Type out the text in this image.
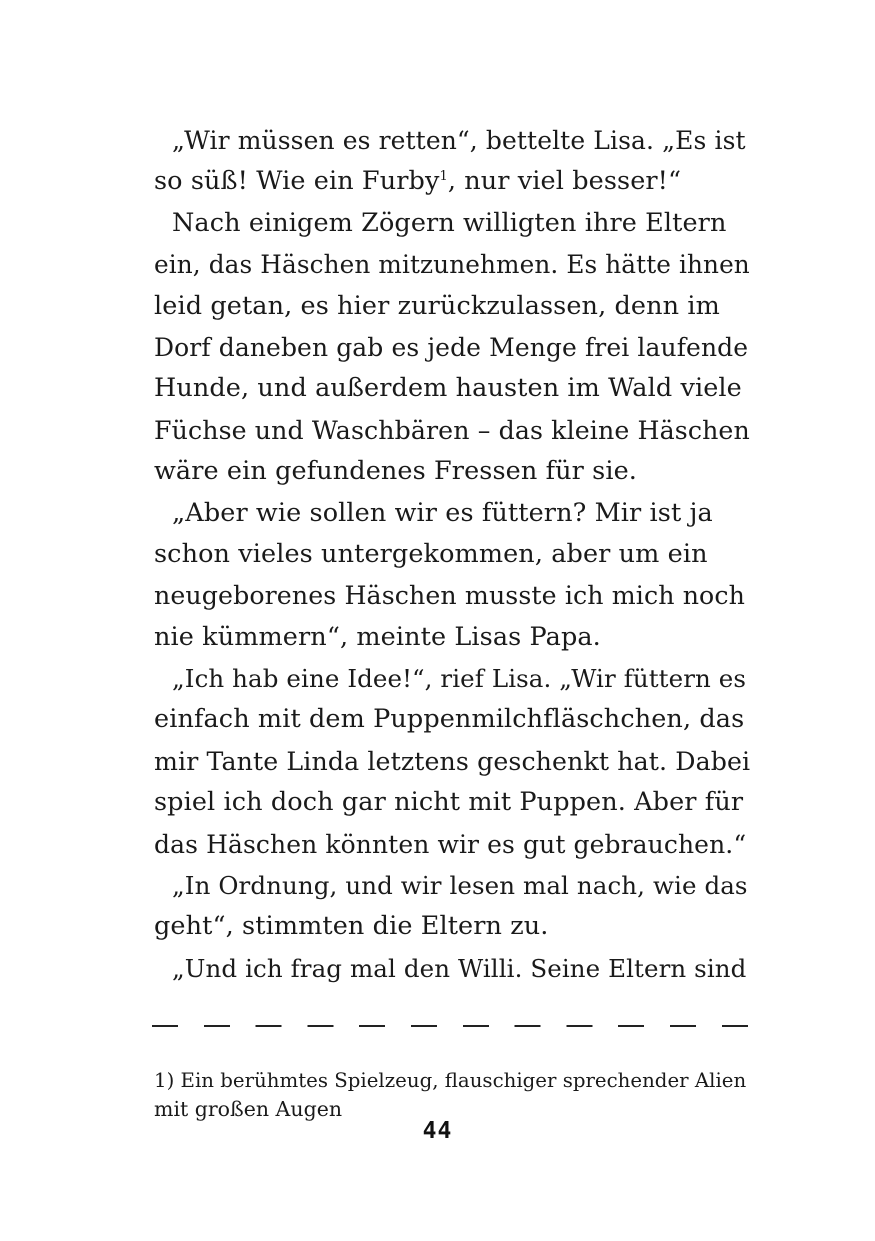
„Wir müssen es retten“, bettelte Lisa. „Es ist
so süß! Wie ein Furby$^1$, nur viel besser!“
Nach einigem Zögern willigten ihre Eltern
ein, das Häschen mitzunehmen. Es hätte ihnen
leid getan, es hier zurückzulassen, denn im
Dorf daneben gab es jede Menge frei laufende
Hunde, und außerdem hausten im Wald viele
Füchse und Waschbären – das kleine Häschen
wäre ein gefundenes Fressen für sie.
„Aber wie sollen wir es füttern? Mir ist ja
schon vieles untergekommen, aber um ein
neugeborenes Häschen musste ich mich noch
nie kümmern“, meinte Lisas Papa.
„Ich hab eine Idee!“, rief Lisa. „Wir füttern es
einfach mit dem Puppenmilchfläschchen, das
mir Tante Linda letztens geschenkt hat. Dabei
spiel ich doch gar nicht mit Puppen. Aber für
das Häschen könnten wir es gut gebrauchen.“
„In Ordnung, und wir lesen mal nach, wie das
geht“, stimmten die Eltern zu.
„Und ich frag mal den Willi. Seine Eltern sind
1) Ein berühmtes Spielzeug, flauschiger sprechender Alien
mit großen Augen
44
